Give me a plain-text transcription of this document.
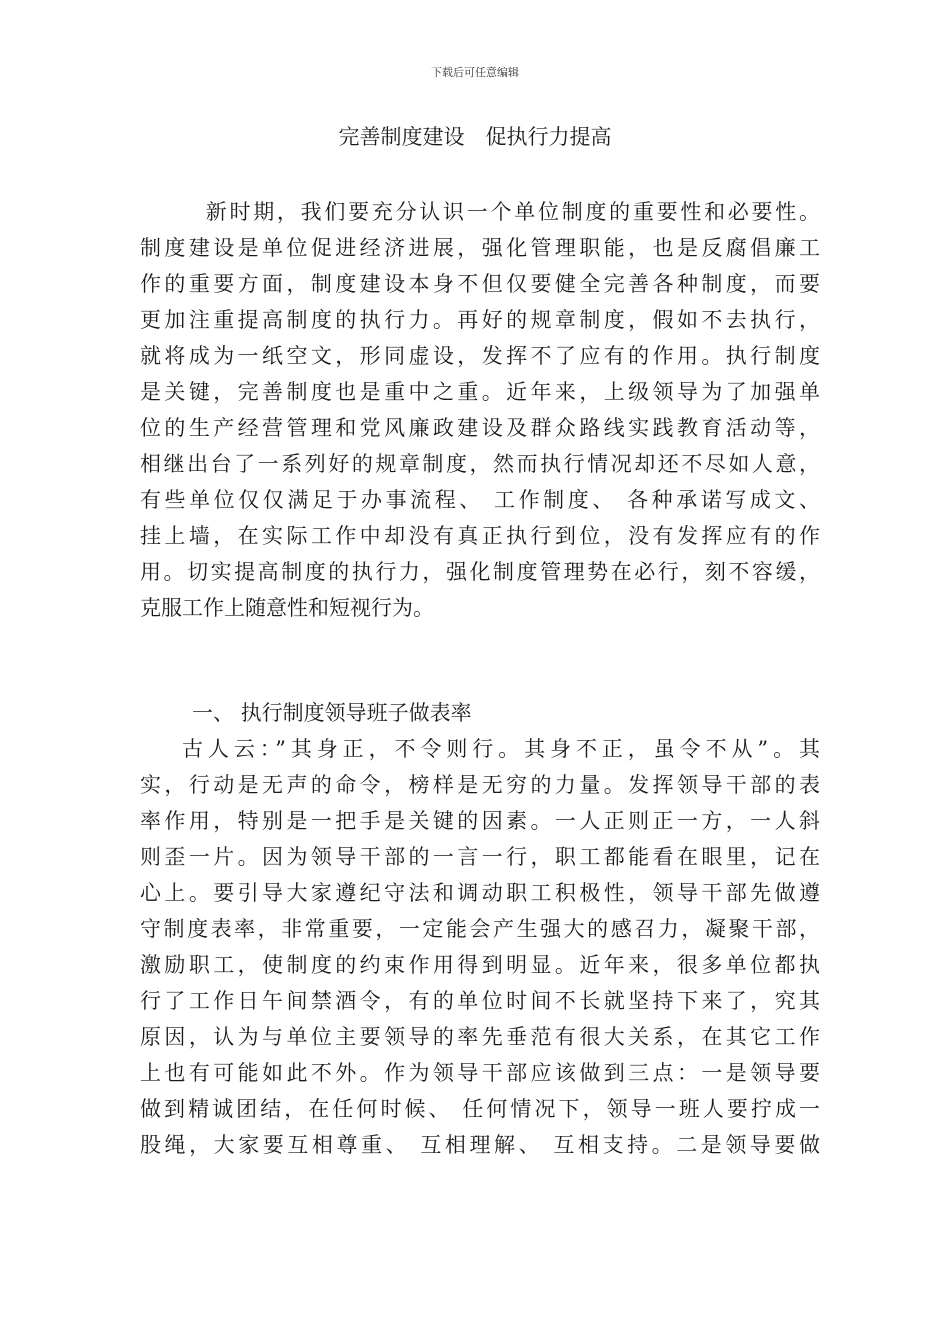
下载后可任意编辑
完善制度建设　促执行力提高
　新时期，我们要充分认识一个单位制度的重要性和必要性。
制度建设是单位促进经济进展，强化管理职能，也是反腐倡廉工
作的重要方面，制度建设本身不但仅要健全完善各种制度，而要
更加注重提高制度的执行力。再好的规章制度，假如不去执行，
就将成为一纸空文，形同虚设，发挥不了应有的作用。执行制度
是关键，完善制度也是重中之重。近年来，上级领导为了加强单
位的生产经营管理和党风廉政建设及群众路线实践教育活动等，
相继出台了一系列好的规章制度，然而执行情况却还不尽如人意，
有些单位仅仅满足于办事流程、 工作制度、 各种承诺写成文、
挂上墙，在实际工作中却没有真正执行到位，没有发挥应有的作
用。切实提高制度的执行力，强化制度管理势在必行，刻不容缓，
克服工作上随意性和短视行为。
一、 执行制度领导班子做表率
古人云：”其身正，不令则行。其身不正，虽令不从”。其
实，行动是无声的命令，榜样是无穷的力量。发挥领导干部的表
率作用，特别是一把手是关键的因素。一人正则正一方，一人斜
则歪一片。因为领导干部的一言一行，职工都能看在眼里，记在
心上。要引导大家遵纪守法和调动职工积极性，领导干部先做遵
守制度表率，非常重要，一定能会产生强大的感召力，凝聚干部，
激励职工，使制度的约束作用得到明显。近年来，很多单位都执
行了工作日午间禁酒令，有的单位时间不长就坚持下来了，究其
原因，认为与单位主要领导的率先垂范有很大关系，在其它工作
上也有可能如此不外。作为领导干部应该做到三点：一是领导要
做到精诚团结，在任何时候、 任何情况下，领导一班人要拧成一
股绳，大家要互相尊重、 互相理解、 互相支持。二是领导要做
